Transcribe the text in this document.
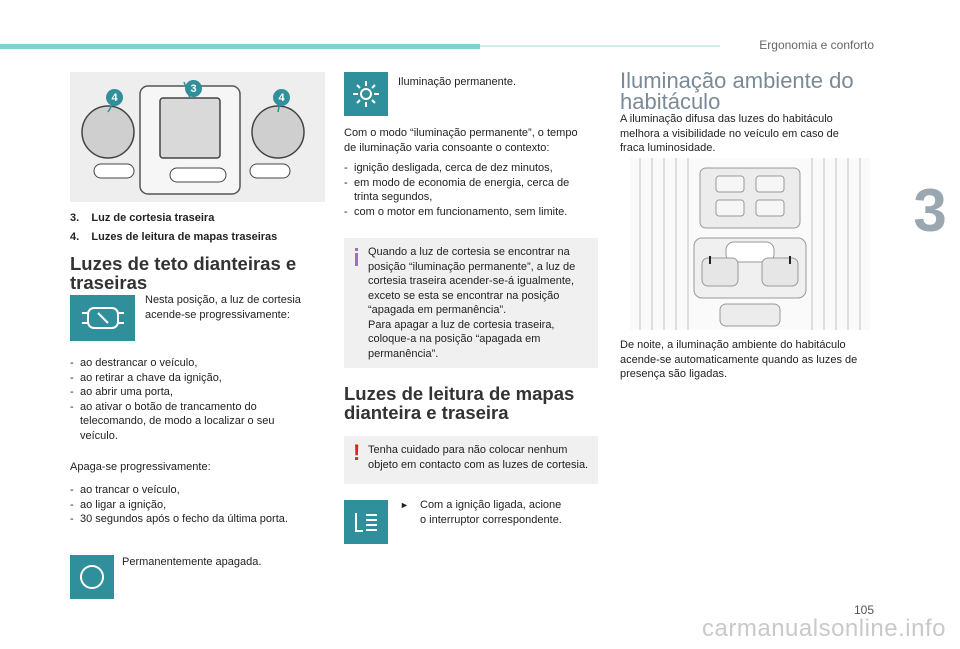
Ergonomia e conforto
3
4
3
4
3. Luz de cortesia traseira
4. Luzes de leitura de mapas traseiras
Luzes de teto dianteiras e
traseiras
Nesta posição, a luz de cortesia
acende-se progressivamente:
- ao destrancar o veículo,
- ao retirar a chave da ignição,
- ao abrir uma porta,
- ao ativar o botão de trancamento do
telecomando, de modo a localizar o seu
veículo.
Apaga-se progressivamente:
- ao trancar o veículo,
- ao ligar a ignição,
- 30 segundos após o fecho da última porta.
Permanentemente apagada.
Iluminação permanente.
Com o modo “iluminação permanente”, o tempo
de iluminação varia consoante o contexto:
- ignição desligada, cerca de dez minutos,
- em modo de economia de energia, cerca de
trinta segundos,
- com o motor em funcionamento, sem limite.
Quando a luz de cortesia se encontrar na
posição “iluminação permanente”, a luz de
cortesia traseira acender-se-á igualmente,
exceto se esta se encontrar na posição
“apagada em permanência”.
Para apagar a luz de cortesia traseira,
coloque-a na posição “apagada em
permanência”.
Luzes de leitura de mapas
dianteira e traseira
! Tenha cuidado para não colocar nenhum
objeto em contacto com as luzes de cortesia.
► Com a ignição ligada, acione
o interruptor correspondente.
Iluminação ambiente do
habitáculo
A iluminação difusa das luzes do habitáculo
melhora a visibilidade no veículo em caso de
fraca luminosidade.
De noite, a iluminação ambiente do habitáculo
acende-se automaticamente quando as luzes de
presença são ligadas.
105
carmanualsonline.info
